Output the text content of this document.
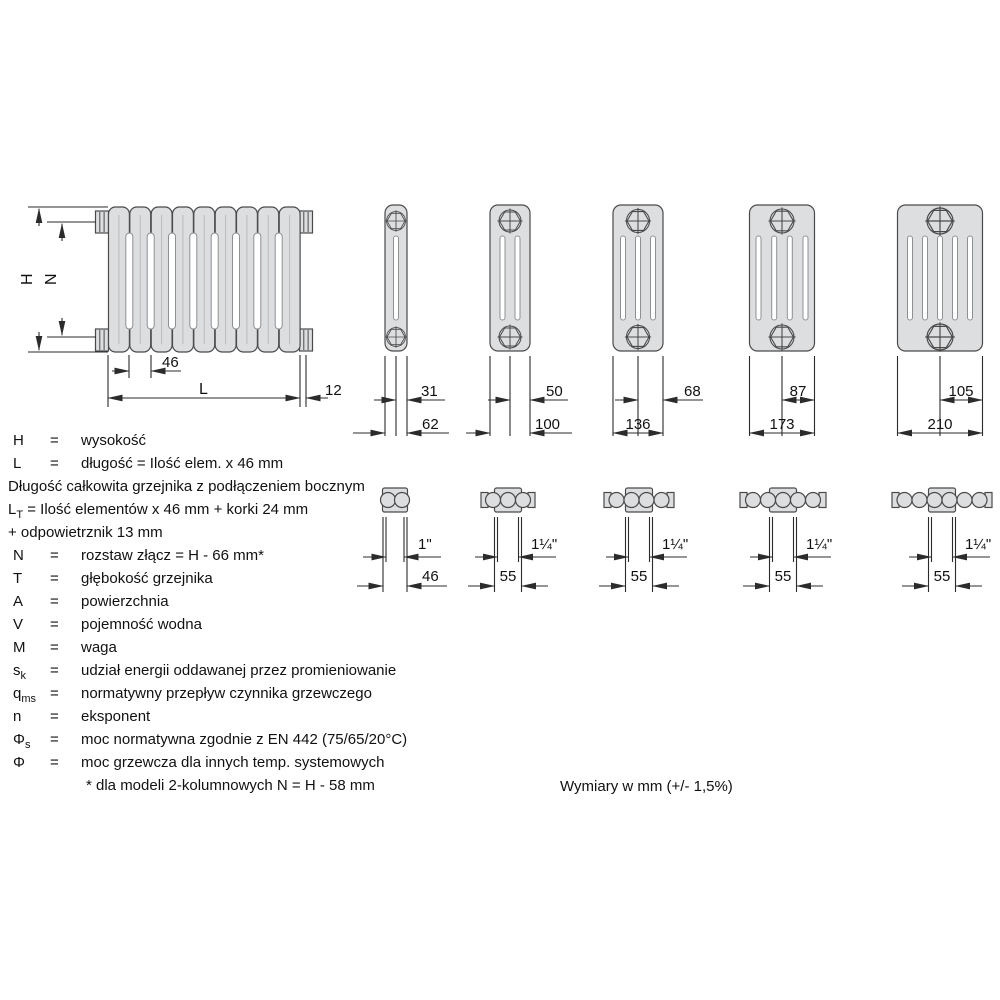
H N
46
L	12	31
62
50
100
68
136
87
173
105
210
1"
46
1¼"
55
1¼"
55
1¼"
55
1¼"
55
H	=	wysokość
L	=	długość = Ilość elem. x 46 mm
Długość całkowita grzejnika z podłączeniem bocznym
$L_T$ = Ilość elementów x 46 mm + korki 24 mm
+ odpowietrznik 13 mm
N	=	rozstaw złącz = H - 66 mm*
T	=	głębokość grzejnika
A	=	powierzchnia
V	=	pojemność wodna
M	=	waga
$s_k$	=	udział energii oddawanej przez promieniowanie
$q_{ms}$ =	normatywny przepływ czynnika grzewczego
n	=	eksponent
$\Phi_s$	=	moc normatywna zgodnie z EN 442 (75/65/20°C)
Φ	=	moc grzewcza dla innych temp. systemowych
* dla modeli 2-kolumnowych N = H - 58 mm	Wymiary w mm (+/- 1,5%)
